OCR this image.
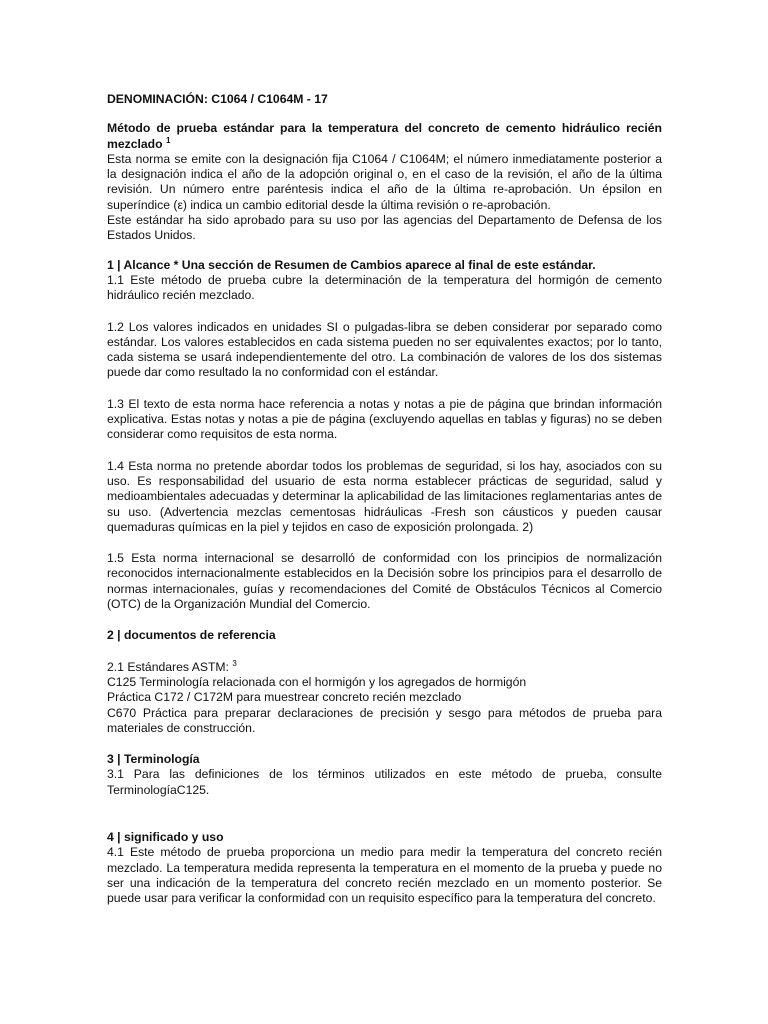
DENOMINACIÓN: C1064 / C1064M - 17

Método de prueba estándar para la temperatura del concreto de cemento hidráulico recién mezclado $^1$

Esta norma se emite con la designación fija C1064 / C1064M; el número inmediatamente posterior a la designación indica el año de la adopción original o, en el caso de la revisión, el año de la última revisión. Un número entre paréntesis indica el año de la última re-aprobación. Un épsilon en superíndice (ε) indica un cambio editorial desde la última revisión o re-aprobación.

Este estándar ha sido aprobado para su uso por las agencias del Departamento de Defensa de los Estados Unidos.

1 | Alcance * Una sección de Resumen de Cambios aparece al final de este estándar.

1.1 Este método de prueba cubre la determinación de la temperatura del hormigón de cemento hidráulico recién mezclado.

1.2 Los valores indicados en unidades SI o pulgadas-libra se deben considerar por separado como estándar. Los valores establecidos en cada sistema pueden no ser equivalentes exactos; por lo tanto, cada sistema se usará independientemente del otro. La combinación de valores de los dos sistemas puede dar como resultado la no conformidad con el estándar.

1.3 El texto de esta norma hace referencia a notas y notas a pie de página que brindan información explicativa. Estas notas y notas a pie de página (excluyendo aquellas en tablas y figuras) no se deben considerar como requisitos de esta norma.

1.4 Esta norma no pretende abordar todos los problemas de seguridad, si los hay, asociados con su uso. Es responsabilidad del usuario de esta norma establecer prácticas de seguridad, salud y medioambientales adecuadas y determinar la aplicabilidad de las limitaciones reglamentarias antes de su uso. (Advertencia mezclas cementosas hidráulicas -Fresh son cáusticos y pueden causar quemaduras químicas en la piel y tejidos en caso de exposición prolongada. 2)

1.5 Esta norma internacional se desarrolló de conformidad con los principios de normalización reconocidos internacionalmente establecidos en la Decisión sobre los principios para el desarrollo de normas internacionales, guías y recomendaciones del Comité de Obstáculos Técnicos al Comercio (OTC) de la Organización Mundial del Comercio.

2 | documentos de referencia

2.1 Estándares ASTM: $^3$

C125 Terminología relacionada con el hormigón y los agregados de hormigón

Práctica C172 / C172M para muestrear concreto recién mezclado

C670 Práctica para preparar declaraciones de precisión y sesgo para métodos de prueba para materiales de construcción.

3 | Terminología

3.1 Para las definiciones de los términos utilizados en este método de prueba, consulte TerminologíaC125.

4 | significado y uso

4.1 Este método de prueba proporciona un medio para medir la temperatura del concreto recién mezclado. La temperatura medida representa la temperatura en el momento de la prueba y puede no ser una indicación de la temperatura del concreto recién mezclado en un momento posterior. Se puede usar para verificar la conformidad con un requisito específico para la temperatura del concreto.
